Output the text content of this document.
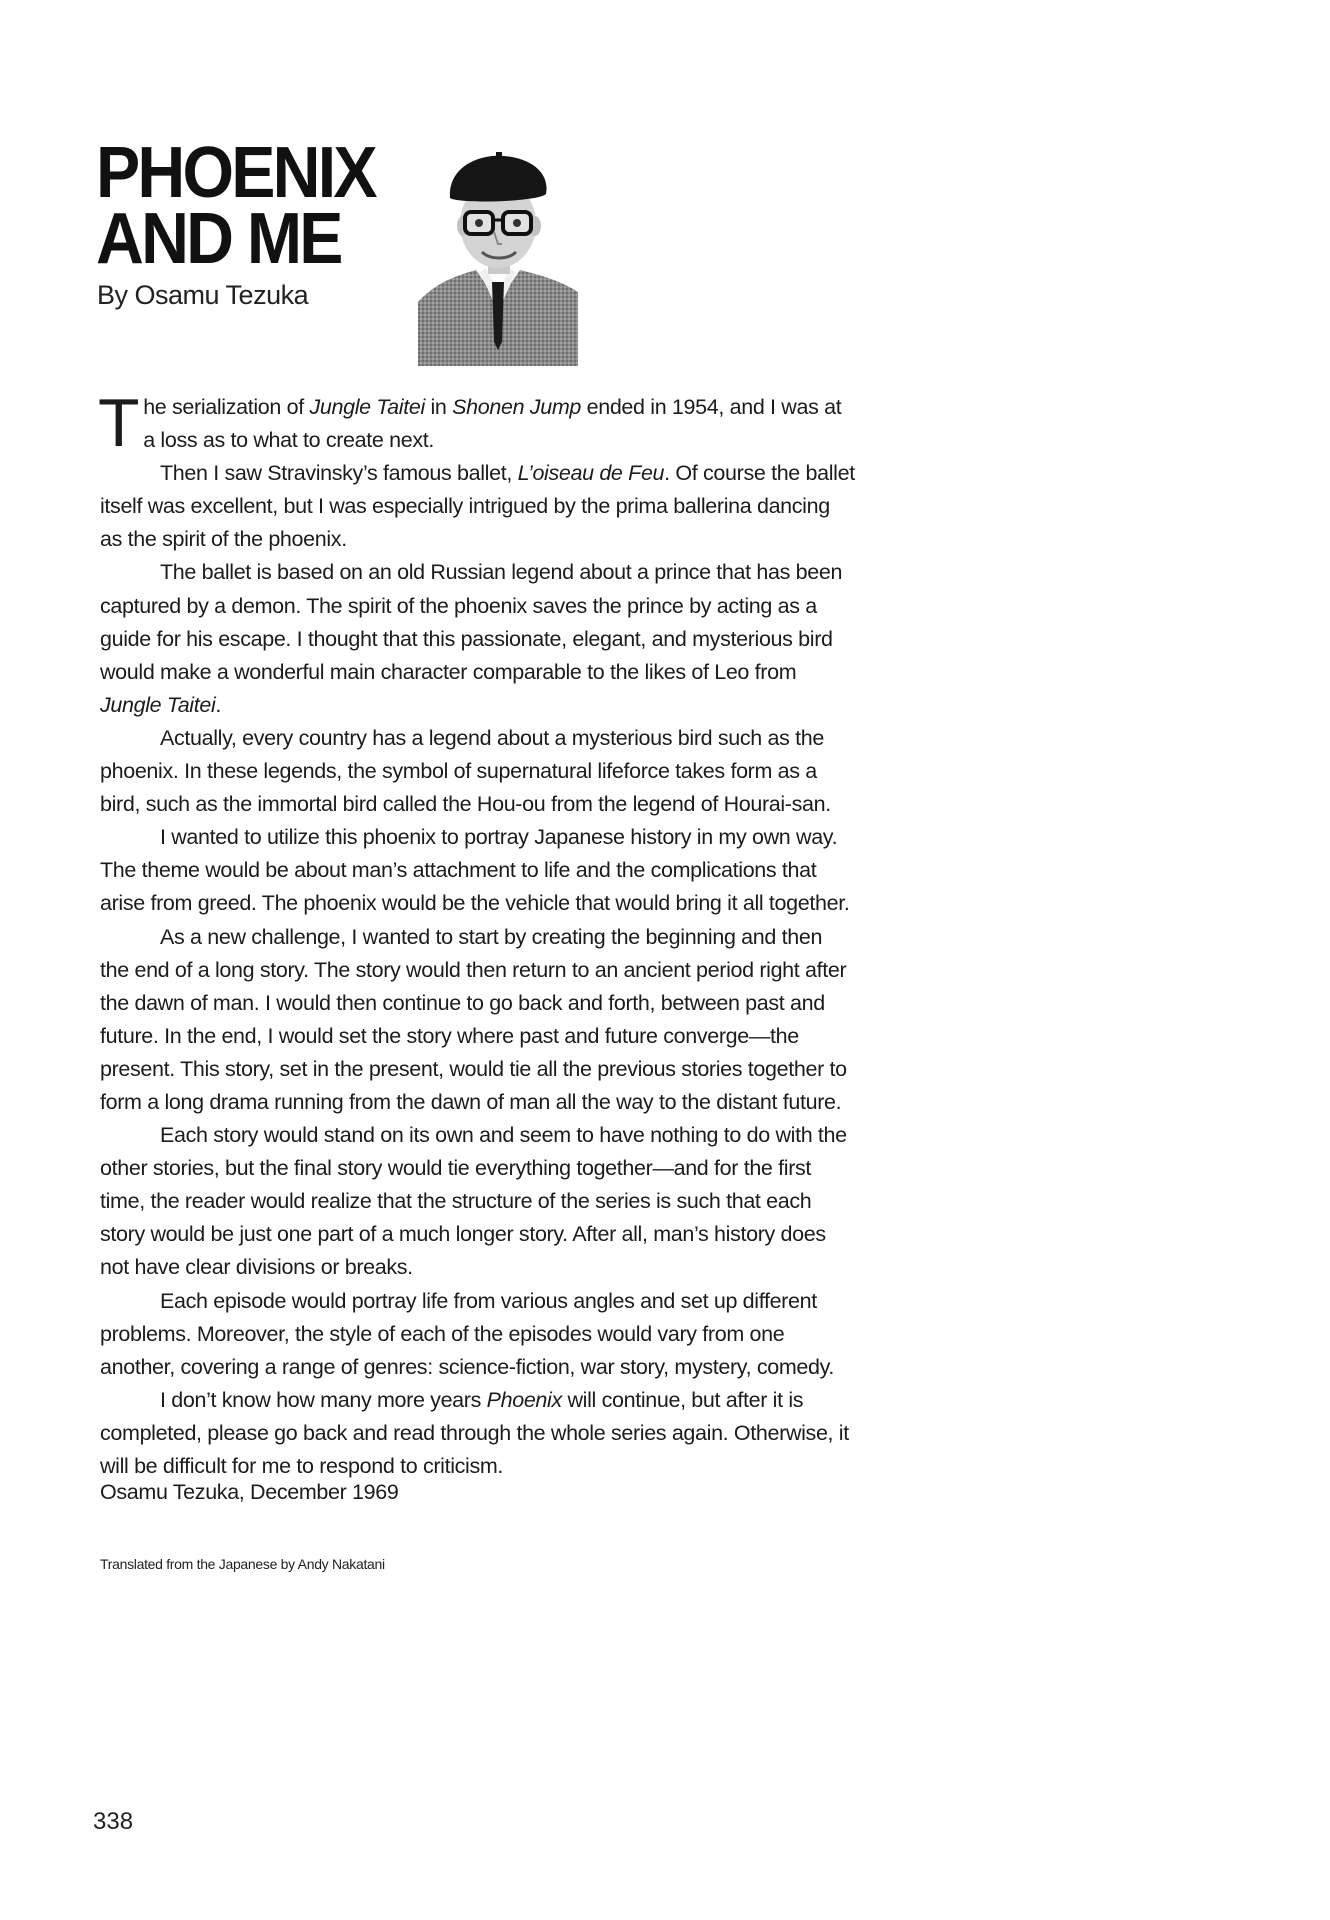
PHOENIX
AND ME
By Osamu Tezuka

The serialization of Jungle Taitei in Shonen Jump ended in 1954, and I was at a loss as to what to create next.

Then I saw Stravinsky’s famous ballet, L’oiseau de Feu. Of course the ballet itself was excellent, but I was especially intrigued by the prima ballerina dancing as the spirit of the phoenix.

The ballet is based on an old Russian legend about a prince that has been captured by a demon. The spirit of the phoenix saves the prince by acting as a guide for his escape. I thought that this passionate, elegant, and mysterious bird would make a wonderful main character comparable to the likes of Leo from Jungle Taitei.

Actually, every country has a legend about a mysterious bird such as the phoenix. In these legends, the symbol of supernatural lifeforce takes form as a bird, such as the immortal bird called the Hou-ou from the legend of Hourai-san.

I wanted to utilize this phoenix to portray Japanese history in my own way. The theme would be about man’s attachment to life and the complications that arise from greed. The phoenix would be the vehicle that would bring it all together.

As a new challenge, I wanted to start by creating the beginning and then the end of a long story. The story would then return to an ancient period right after the dawn of man. I would then continue to go back and forth, between past and future. In the end, I would set the story where past and future converge—the present. This story, set in the present, would tie all the previous stories together to form a long drama running from the dawn of man all the way to the distant future.

Each story would stand on its own and seem to have nothing to do with the other stories, but the final story would tie everything together—and for the first time, the reader would realize that the structure of the series is such that each story would be just one part of a much longer story. After all, man’s history does not have clear divisions or breaks.

Each episode would portray life from various angles and set up different problems. Moreover, the style of each of the episodes would vary from one another, covering a range of genres: science-fiction, war story, mystery, comedy.

I don’t know how many more years Phoenix will continue, but after it is completed, please go back and read through the whole series again. Otherwise, it will be difficult for me to respond to criticism.

Osamu Tezuka, December 1969
Translated from the Japanese by Andy Nakatani
338
